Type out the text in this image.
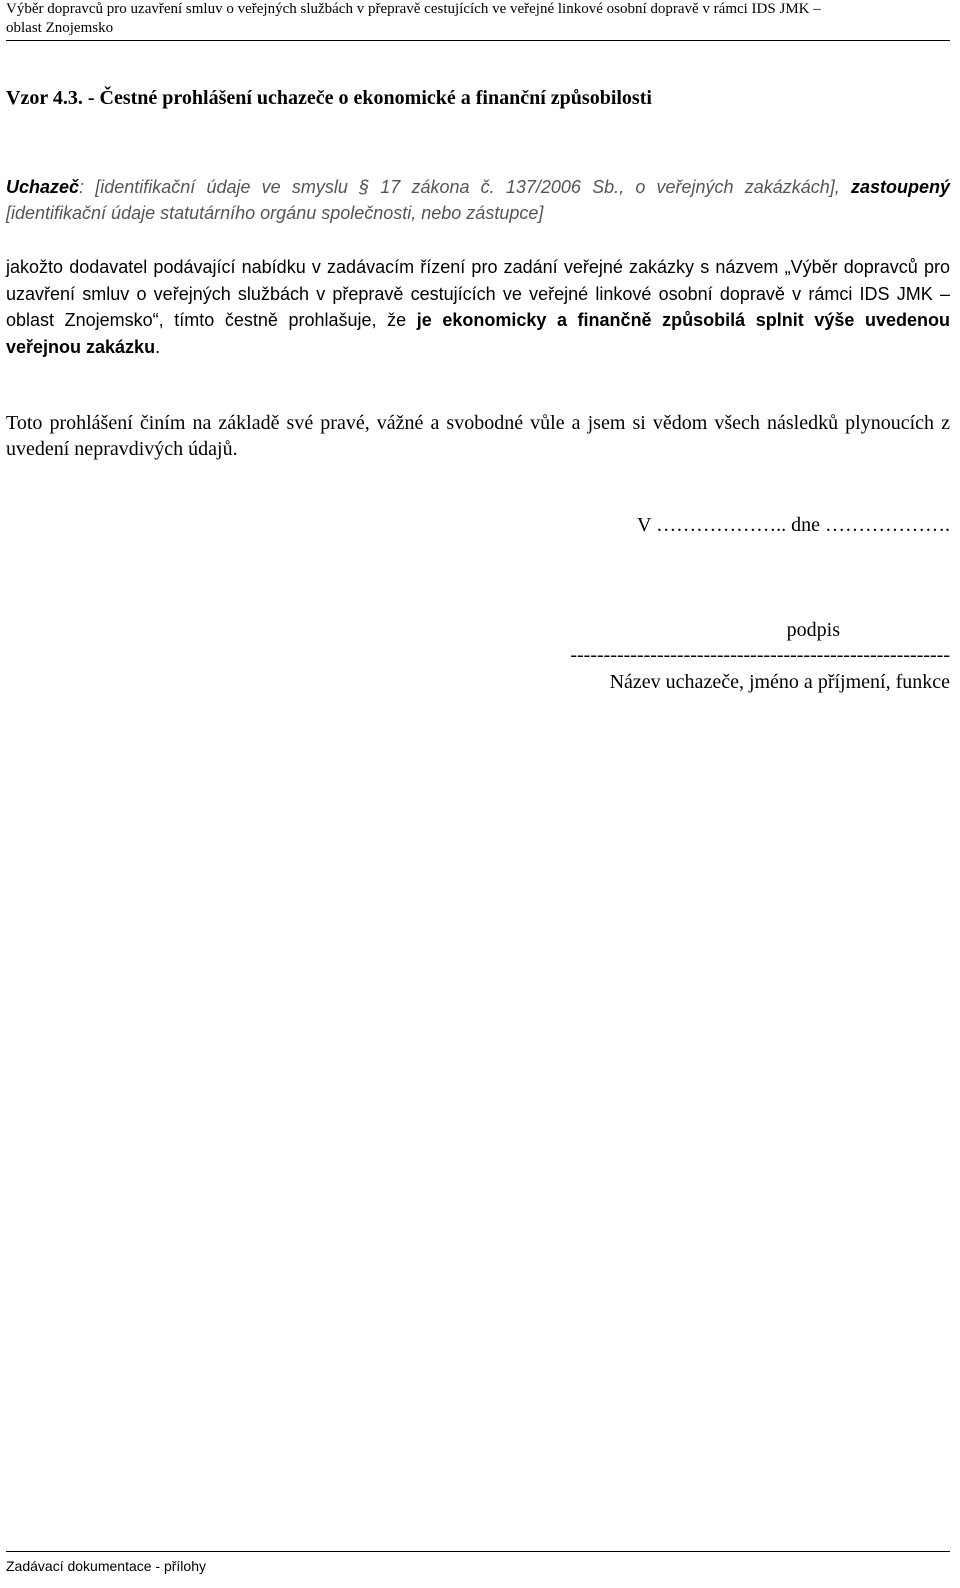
Výběr dopravců pro uzavření smluv o veřejných službách v přepravě cestujících ve veřejné linkové osobní dopravě v rámci IDS JMK –
oblast Znojemsko
Vzor 4.3. - Čestné prohlášení uchazeče o ekonomické a finanční způsobilosti

Uchazeč: [identifikační údaje ve smyslu § 17 zákona č. 137/2006 Sb., o veřejných zakázkách], zastoupený [identifikační údaje statutárního orgánu společnosti, nebo zástupce]

jakožto dodavatel podávající nabídku v zadávacím řízení pro zadání veřejné zakázky s názvem „Výběr dopravců pro uzavření smluv o veřejných službách v přepravě cestujících ve veřejné linkové osobní dopravě v rámci IDS JMK – oblast Znojemsko“, tímto čestně prohlašuje, že je ekonomicky a finančně způsobilá splnit výše uvedenou veřejnou zakázku.

Toto prohlášení činím na základě své pravé, vážné a svobodné vůle a jsem si vědom všech následků plynoucích z uvedení nepravdivých údajů.

V ……………….. dne ……………….
podpis
---------------------------------------------------------
Název uchazeče, jméno a příjmení, funkce
Zadávací dokumentace - přílohy
